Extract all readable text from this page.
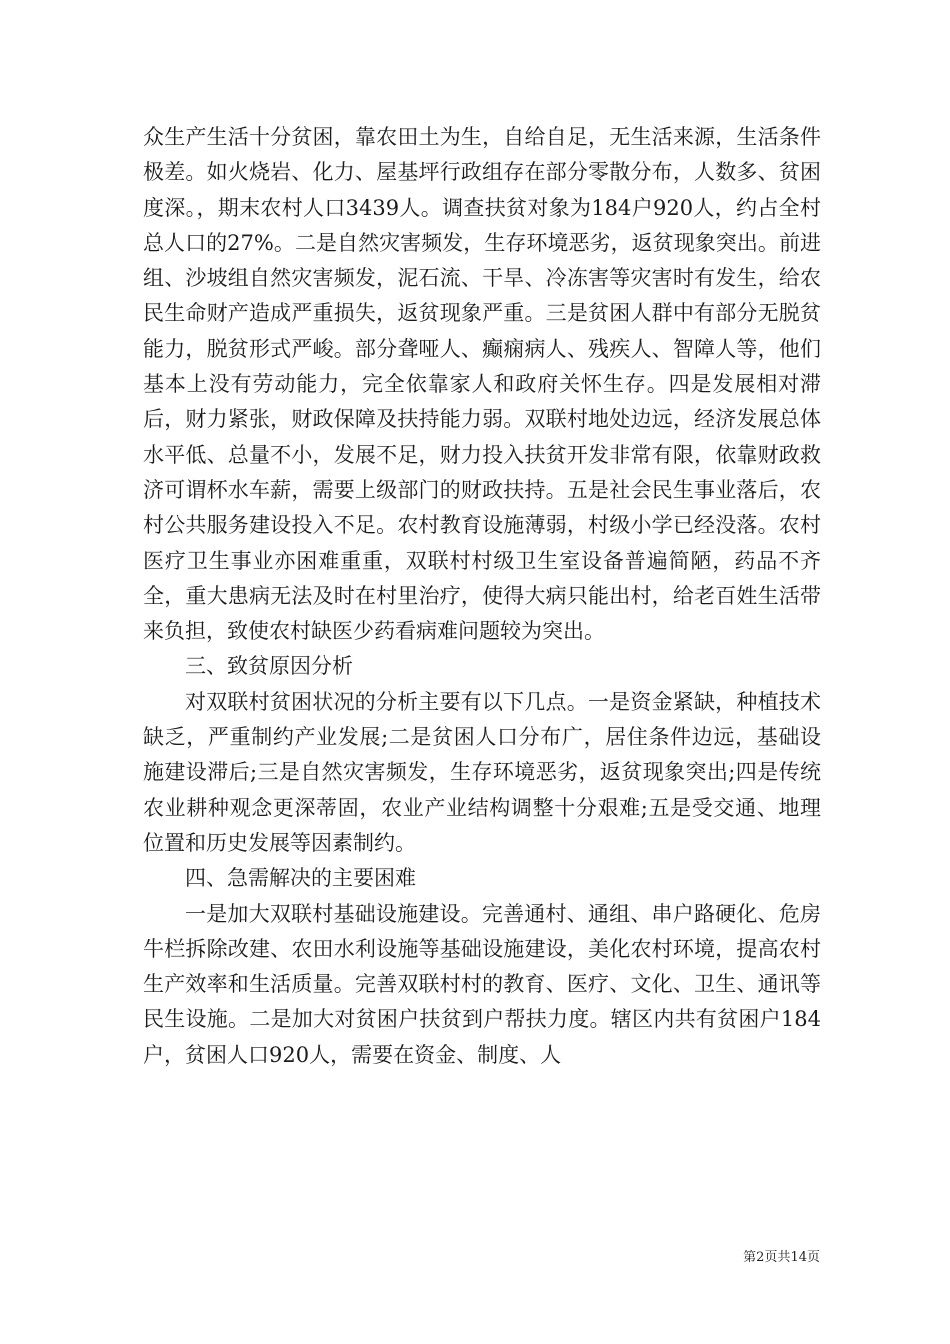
众生产生活十分贫困，靠农田土为生，自给自足，无生活来源，生活条件极差。如火烧岩、化力、屋基坪行政组存在部分零散分布，人数多、贫困度深。，期末农村人口3439人。调查扶贫对象为184户920人，约占全村总人口的27%。二是自然灾害频发，生存环境恶劣，返贫现象突出。前进组、沙坡组自然灾害频发，泥石流、干旱、冷冻害等灾害时有发生，给农民生命财产造成严重损失，返贫现象严重。三是贫困人群中有部分无脱贫能力，脱贫形式严峻。部分聋哑人、癫痫病人、残疾人、智障人等，他们基本上没有劳动能力，完全依靠家人和政府关怀生存。四是发展相对滞后，财力紧张，财政保障及扶持能力弱。双联村地处边远，经济发展总体水平低、总量不小，发展不足，财力投入扶贫开发非常有限，依靠财政救济可谓杯水车薪，需要上级部门的财政扶持。五是社会民生事业落后，农村公共服务建设投入不足。农村教育设施薄弱，村级小学已经没落。农村医疗卫生事业亦困难重重，双联村村级卫生室设备普遍简陋，药品不齐全，重大患病无法及时在村里治疗，使得大病只能出村，给老百姓生活带来负担，致使农村缺医少药看病难问题较为突出。

三、致贫原因分析

对双联村贫困状况的分析主要有以下几点。一是资金紧缺，种植技术缺乏，严重制约产业发展;二是贫困人口分布广，居住条件边远，基础设施建设滞后;三是自然灾害频发，生存环境恶劣，返贫现象突出;四是传统农业耕种观念更深蒂固，农业产业结构调整十分艰难;五是受交通、地理位置和历史发展等因素制约。

四、急需解决的主要困难

一是加大双联村基础设施建设。完善通村、通组、串户路硬化、危房牛栏拆除改建、农田水利设施等基础设施建设，美化农村环境，提高农村生产效率和生活质量。完善双联村村的教育、医疗、文化、卫生、通讯等民生设施。二是加大对贫困户扶贫到户帮扶力度。辖区内共有贫困户184户，贫困人口920人，需要在资金、制度、人

第2页共14页
